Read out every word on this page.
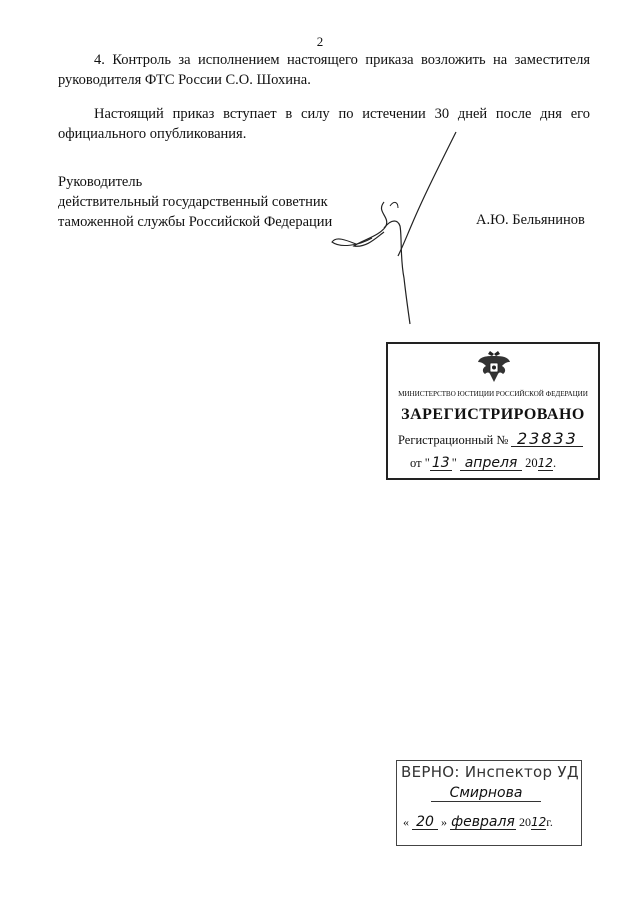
2
4. Контроль за исполнением настоящего приказа возложить на заместителя руководителя ФТС России С.О. Шохина.
Настоящий приказ вступает в силу по истечении 30 дней после дня его официального опубликования.
Руководитель
действительный государственный советник
таможенной службы Российской Федерации	А.Ю. Бельянинов
МИНИСТЕРСТВО ЮСТИЦИИ РОССИЙСКОЙ ФЕДЕРАЦИИ
ЗАРЕГИСТРИРОВАНО
Регистрационный № 23833
от " 13 " апреля 2012.
ВЕРНО: Инспектор УД
Смирнова
« 20 » февраля 2012г.
